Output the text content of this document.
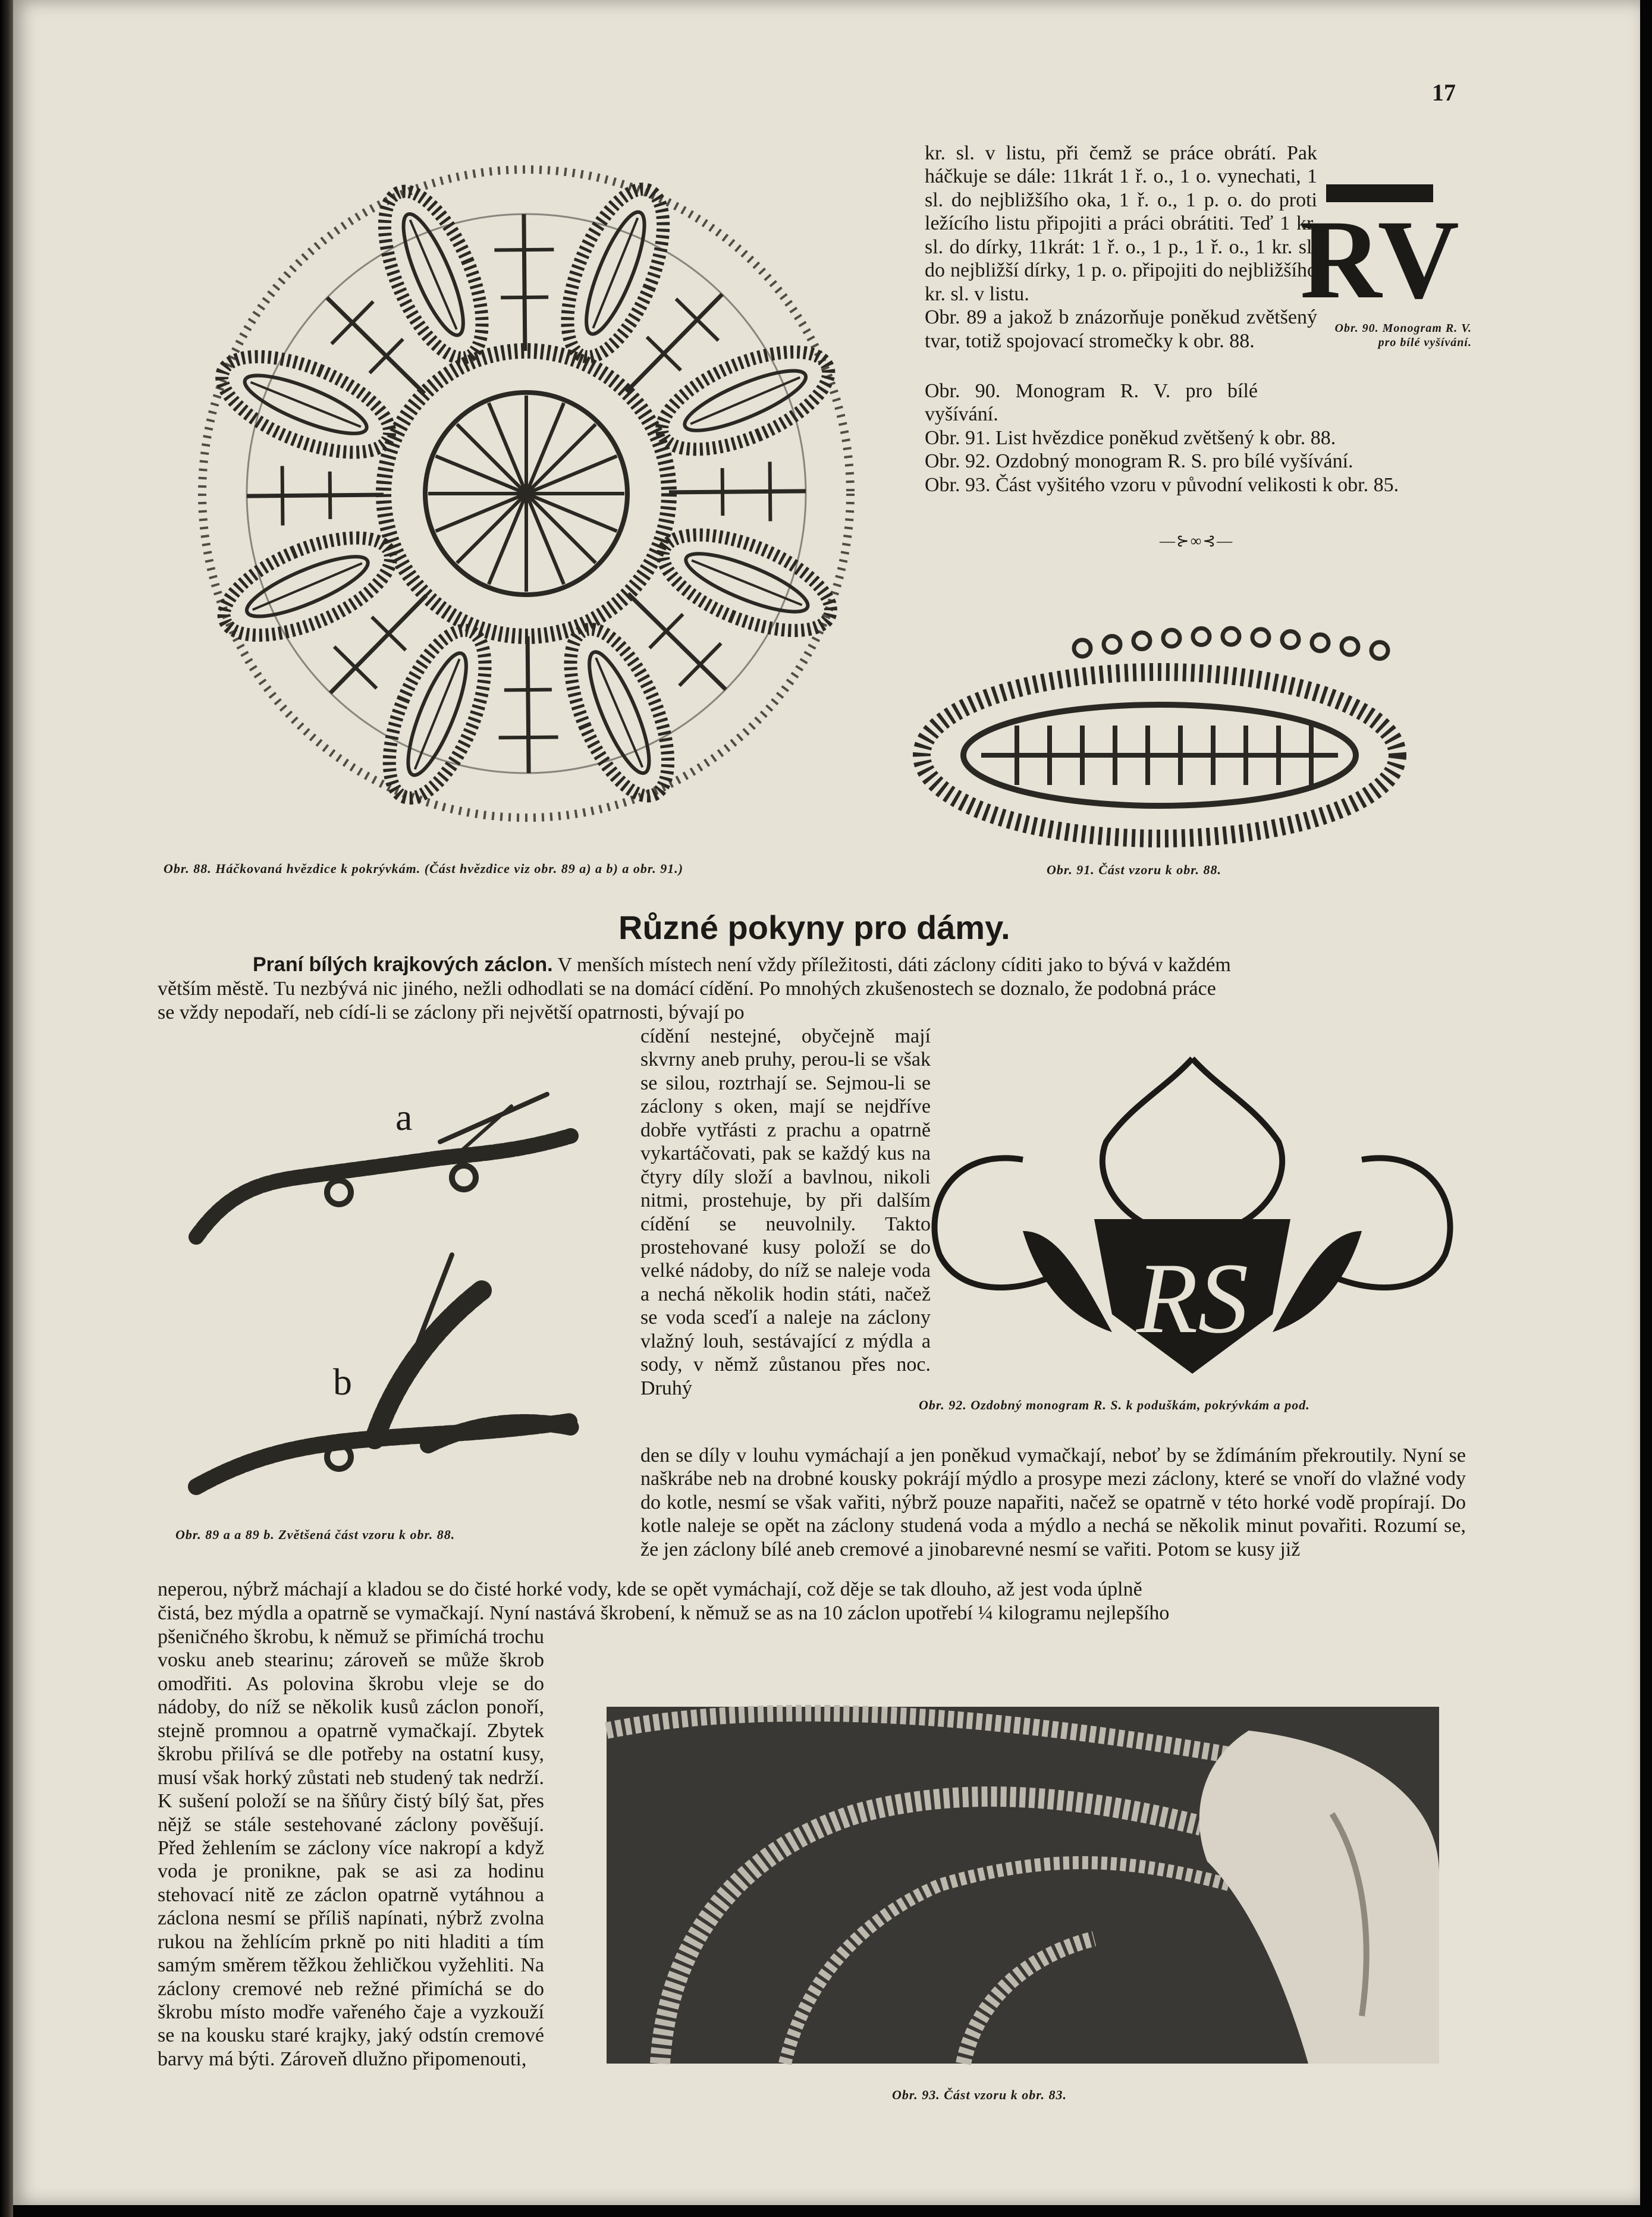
17
RV
Obr. 90. Monogram R. V. pro bílé vyšívání.

kr. sl. v listu, při čemž se práce obrátí. Pak háčkuje se dále: 11krát 1 ř. o., 1 o. vynechati, 1 sl. do nejbližšího oka, 1 ř. o., 1 p. o. do proti ležícího listu připojiti a práci obrátiti. Teď 1 kr. sl. do dírky, 11krát: 1 ř. o., 1 p., 1 ř. o., 1 kr. sl. do nejbližší dírky, 1 p. o. připojiti do nejbližšího kr. sl. v listu.

Obr. 89 a jakož b znázorňuje poněkud zvětšený tvar, totiž spojovací stromečky k obr. 88.

Obr. 90. Monogram R. V. pro bílé vyšívání.

Obr. 91. List hvězdice poněkud zvětšený k obr. 88.

Obr. 92. Ozdobný monogram R. S. pro bílé vyšívání.

Obr. 93. Část vyšitého vzoru v původní velikosti k obr. 85.

—⊱∞⊰—
Obr. 88. Háčkovaná hvězdice k pokrývkám. (Část hvězdice viz obr. 89 a) a b) a obr. 91.)	Obr. 91. Část vzoru k obr. 88.
Různé pokyny pro dámy.
Praní bílých krajkových záclon. V menších místech není vždy příležitosti, dáti záclony cíditi jako to bývá v každém
větším městě. Tu nezbývá nic jiného, nežli odhodlati se na domácí cídění. Po mnohých zkušenostech se doznalo, že podobná práce
se vždy nepodaří, neb cídí-li se záclony při největší opatrnosti, bývají po
a
b
Obr. 89 a a 89 b. Zvětšená část vzoru k obr. 88.
cídění nestejné, obyčejně mají skvrny aneb pruhy, perou-li se však se silou, roztrhají se. Sejmou-li se záclony s oken, mají se nejdříve dobře vytřásti z prachu a opatrně vykartáčovati, pak se každý kus na čtyry díly složí a bavlnou, nikoli nitmi, prostehuje, by při dalším cídění se neuvolnily. Takto prostehované kusy položí se do velké nádoby, do níž se naleje voda a nechá několik hodin státi, načež se voda sceďí a naleje na záclony vlažný louh, sestávající z mýdla a sody, v němž zůstanou přes noc. Druhý
RS
Obr. 92. Ozdobný monogram R. S. k poduškám, pokrývkám a pod.
den se díly v louhu vymáchají a jen poněkud vymačkají, neboť by se ždímáním překroutily. Nyní se naškrábe neb na drobné kousky pokrájí mýdlo a prosype mezi záclony, které se vnoří do vlažné vody do kotle, nesmí se však vařiti, nýbrž pouze napařiti, načež se opatrně v této horké vodě propírají. Do kotle naleje se opět na záclony studená voda a mýdlo a nechá se několik minut povařiti. Rozumí se, že jen záclony bílé aneb cremové a jinobarevné nesmí se vařiti. Potom se kusy již
neperou, nýbrž máchají a kladou se do čisté horké vody, kde se opět vymáchají, což děje se tak dlouho, až jest voda úplně
čistá, bez mýdla a opatrně se vymačkají. Nyní nastává škrobení, k němuž se as na 10 záclon upotřebí ¼ kilogramu nejlepšího
pšeničného škrobu, k němuž se přimíchá trochu vosku aneb stearinu; zároveň se může škrob omodřiti. As polovina škrobu vleje se do nádoby, do níž se několik kusů záclon ponoří, stejně promnou a opatrně vymačkají. Zbytek škrobu přilívá se dle potřeby na ostatní kusy, musí však horký zůstati neb studený tak nedrží. K sušení položí se na šňůry čistý bílý šat, přes nějž se stále sestehované záclony pověšují. Před žehlením se záclony více nakropí a když voda je pronikne, pak se asi za hodinu stehovací nitě ze záclon opatrně vytáhnou a záclona nesmí se příliš napínati, nýbrž zvolna rukou na žehlícím prkně po niti hladiti a tím samým směrem těžkou žehličkou vyžehliti. Na záclony cremové neb režné přimíchá se do škrobu místo modře vařeného čaje a vyzkouží se na kousku staré krajky, jaký odstín cremové barvy má býti. Zároveň dlužno připomenouti,
Obr. 93. Část vzoru k obr. 83.
